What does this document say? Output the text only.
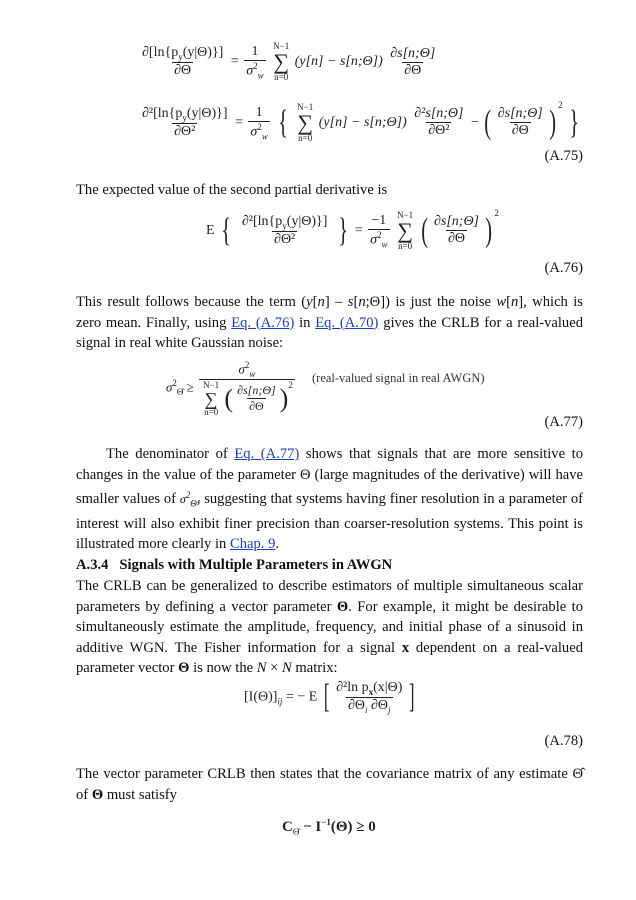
$\frac{\partial[\ln\{p_y(y|\Theta)\}]}{\partial\Theta} = \frac{1}{\sigma^2_w}$
N−1
∑
n=0
(y[n] − s[n;Θ]) $\frac{\partial s[n;\Theta]}{\partial\Theta}$
$\frac{\partial^2[\ln\{p_y(y|\Theta)\}]}{\text{∂Θ²}} = \frac{1}{\sigma^2_w}$ { N−1
∑
n=0
(y[n] − s[n;Θ]) $\frac{\text{∂²s[n;Θ]}}{\text{∂Θ²}}$ − ( $\frac{\partial s[n;\Theta]}{\partial\Theta}$ ) $^2$ }
(A.75)
The expected value of the second partial derivative is
E { $\frac{\partial^2[\ln\{p_y(y|\Theta)\}]}{\text{∂Θ²}}$ } = $\frac{-1}{\sigma^2_w}$
N−1
∑
n=0 ( $\frac{\partial s[n;\Theta]}{\partial\Theta}$ ) $^2$
(A.76)
This result follows because the term (y[n] – s[n;Θ]) is just the noise w[n], which is zero mean. Finally, using Eq. (A.76) in Eq. (A.70) gives the CRLB for a real-valued signal in real white Gaussian noise:
$\sigma^2_{\Thetâ}$ ≥
$\sigma^2_w$
N−1
∑
n=0 ( $\frac{\partial s[n;\Theta]}{\partial\Theta} )^2$ (real-valued signal in real AWGN)
(A.77)
The denominator of Eq. (A.77) shows that signals that are more sensitive to changes in the value of the parameter Θ (large magnitudes of the derivative) will have smaller values of $\sigma^2_{\Thetâ}$, suggesting that systems having finer resolution in a parameter of interest will also exhibit finer precision than coarser-resolution systems. This point is illustrated more clearly in Chap. 9.
A.3.4 Signals with Multiple Parameters in AWGN
The CRLB can be generalized to describe estimators of multiple simultaneous scalar parameters by defining a vector parameter Θ. For example, it might be desirable to simultaneously estimate the amplitude, frequency, and initial phase of a sinusoid in additive WGN. The Fisher information for a signal x dependent on a real-valued parameter vector Θ is now the N × N matrix:
$[I(\Theta)]_{ij}$ = − E [ $\frac{\partial^2\ln p_x(x|\Theta)}{\partial\Theta_i \partial\Theta_j}$ ]
(A.78)
The vector parameter CRLB then states that the covariance matrix of any estimate Θ̂ of Θ must satisfy
$C_{\Thetâ} - I^{-1}(\Theta) \ge 0$
